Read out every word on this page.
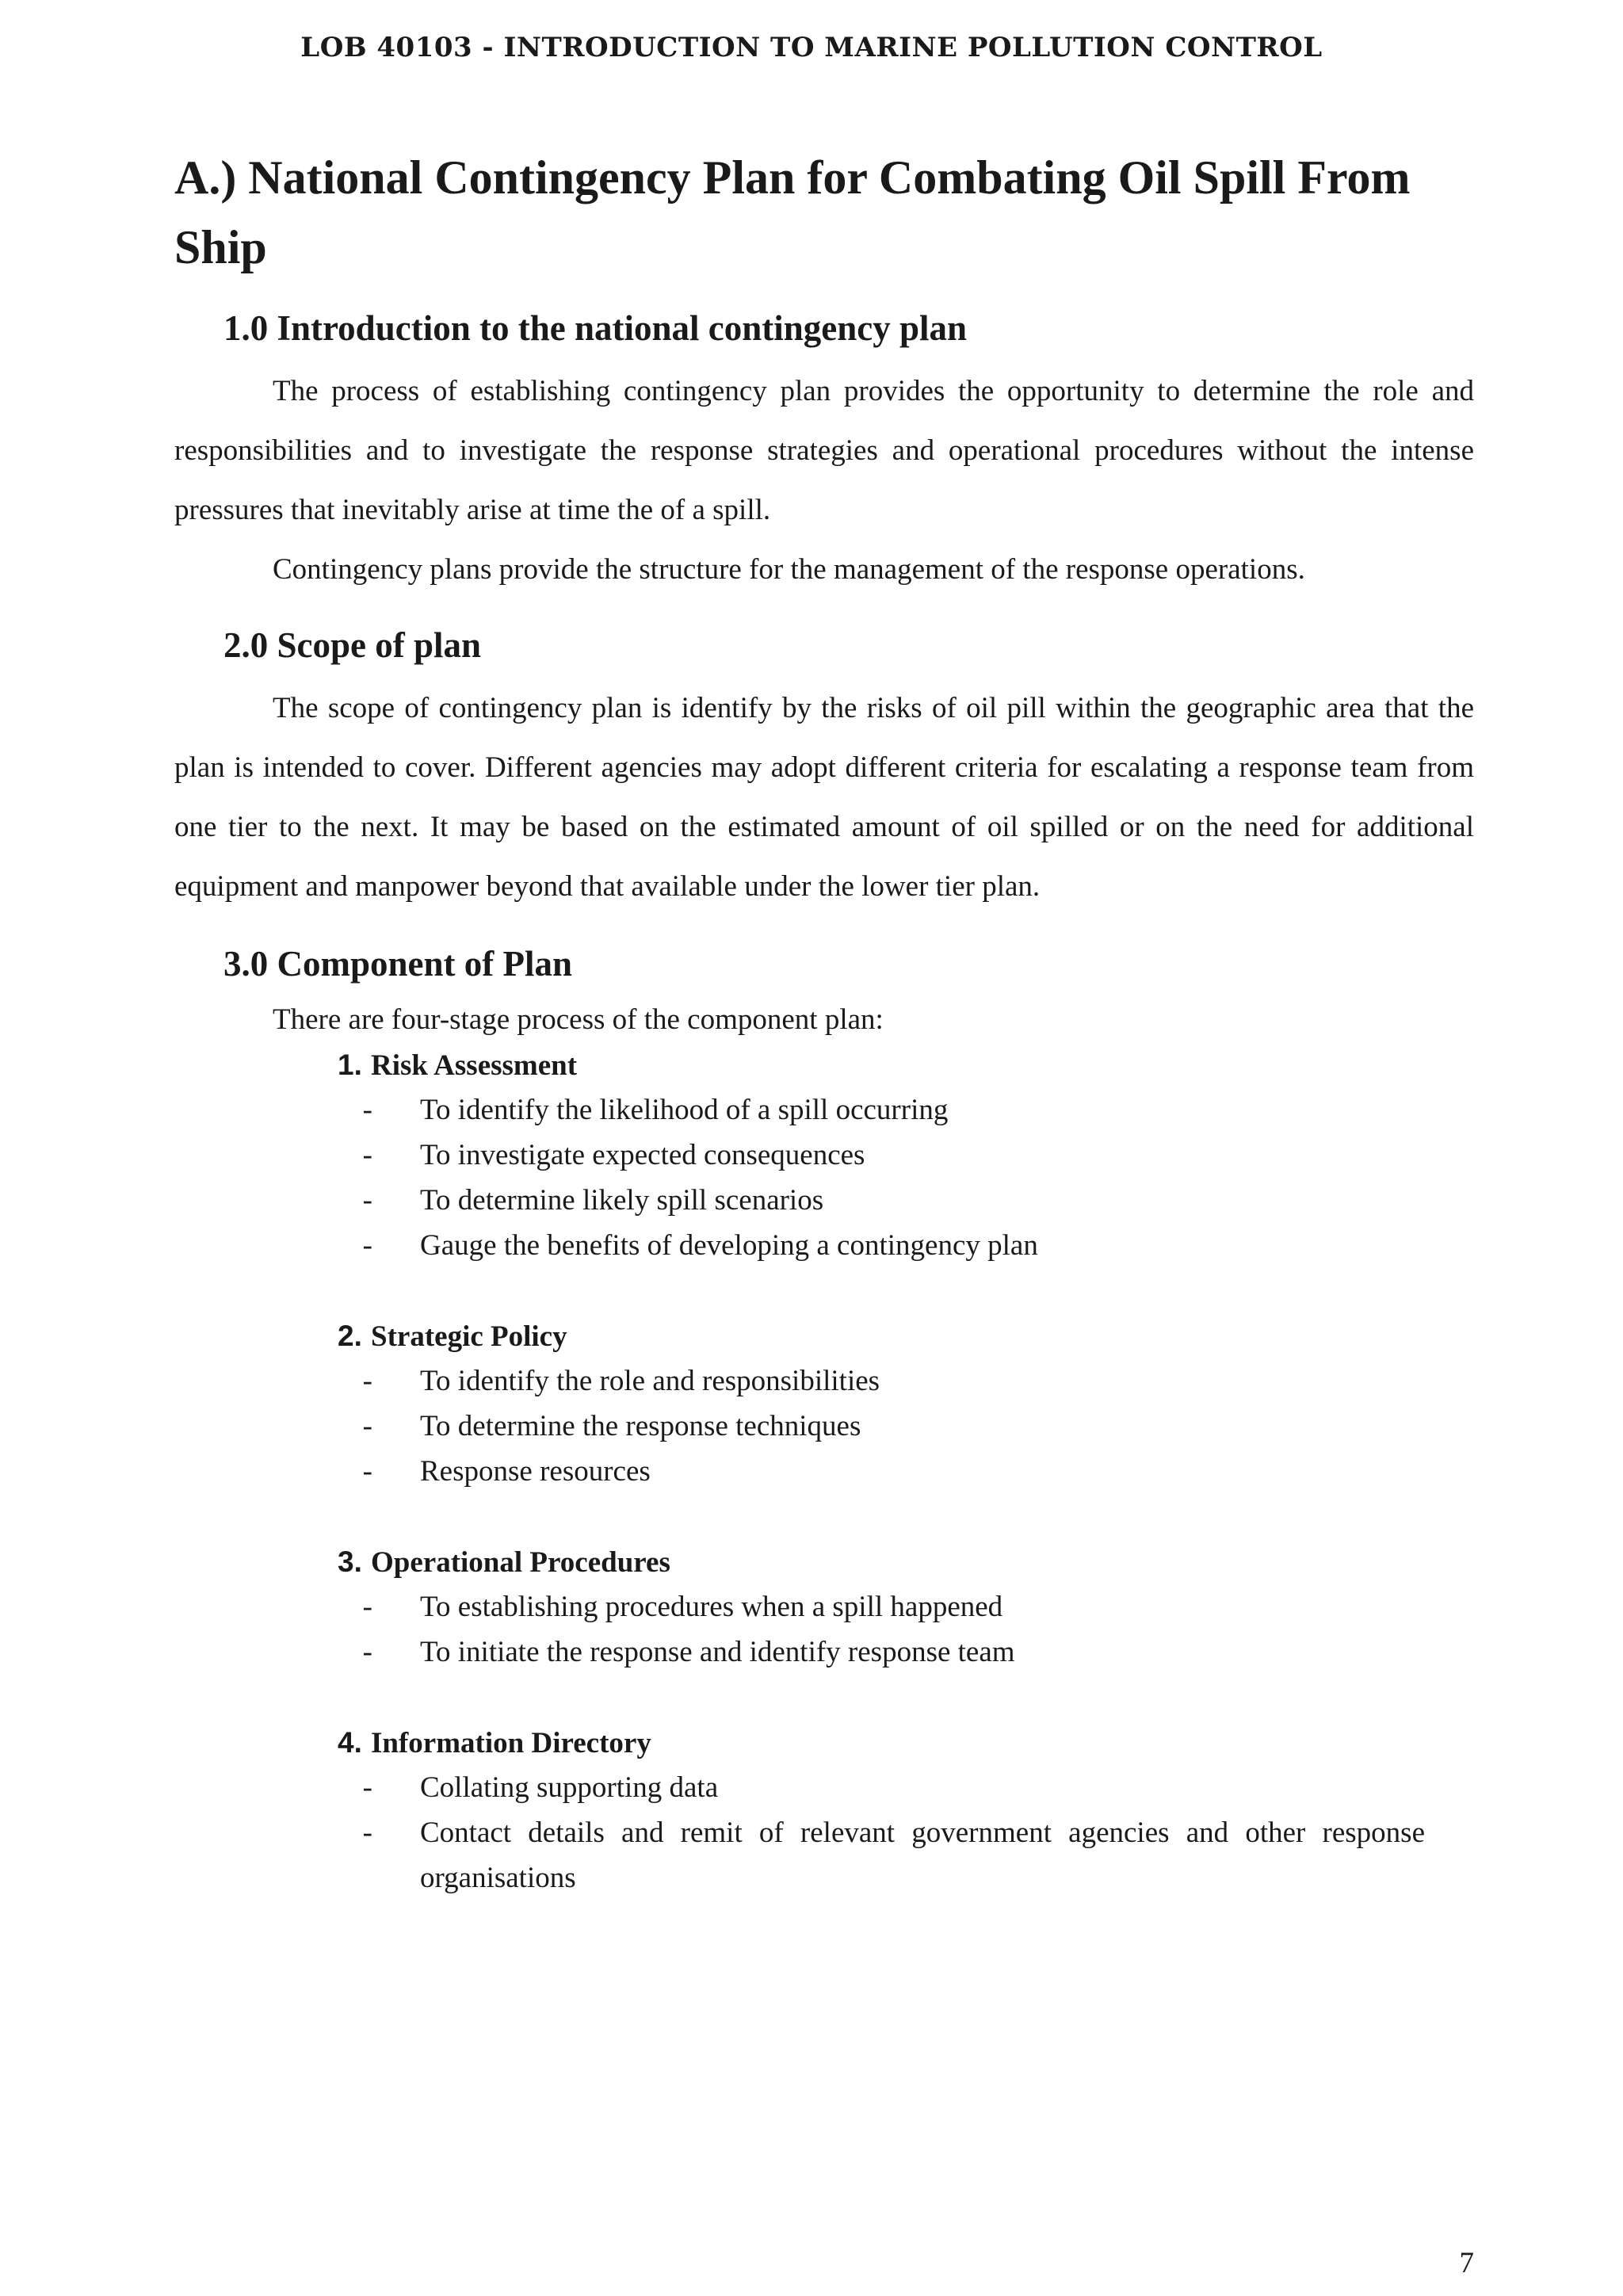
LOB 40103 - INTRODUCTION TO MARINE POLLUTION CONTROL
A.) National Contingency Plan for Combating Oil Spill From Ship
1.0 Introduction to the national contingency plan

The process of establishing contingency plan provides the opportunity to determine the role and responsibilities and to investigate the response strategies and operational procedures without the intense pressures that inevitably arise at time the of a spill.

Contingency plans provide the structure for the management of the response operations.

2.0 Scope of plan

The scope of contingency plan is identify by the risks of oil pill within the geographic area that the plan is intended to cover. Different agencies may adopt different criteria for escalating a response team from one tier to the next. It may be based on the estimated amount of oil spilled or on the need for additional equipment and manpower beyond that available under the lower tier plan.

3.0 Component of Plan

There are four-stage process of the component plan:

1. Risk Assessment
-	To identify the likelihood of a spill occurring
-	To investigate expected consequences
-	To determine likely spill scenarios
-	Gauge the benefits of developing a contingency plan
2. Strategic Policy
-	To identify the role and responsibilities
-	To determine the response techniques
-	Response resources
3. Operational Procedures
-	To establishing procedures when a spill happened
-	To initiate the response and identify response team
4. Information Directory
-	Collating supporting data
-	Contact details and remit of relevant government agencies and other response organisations
7
